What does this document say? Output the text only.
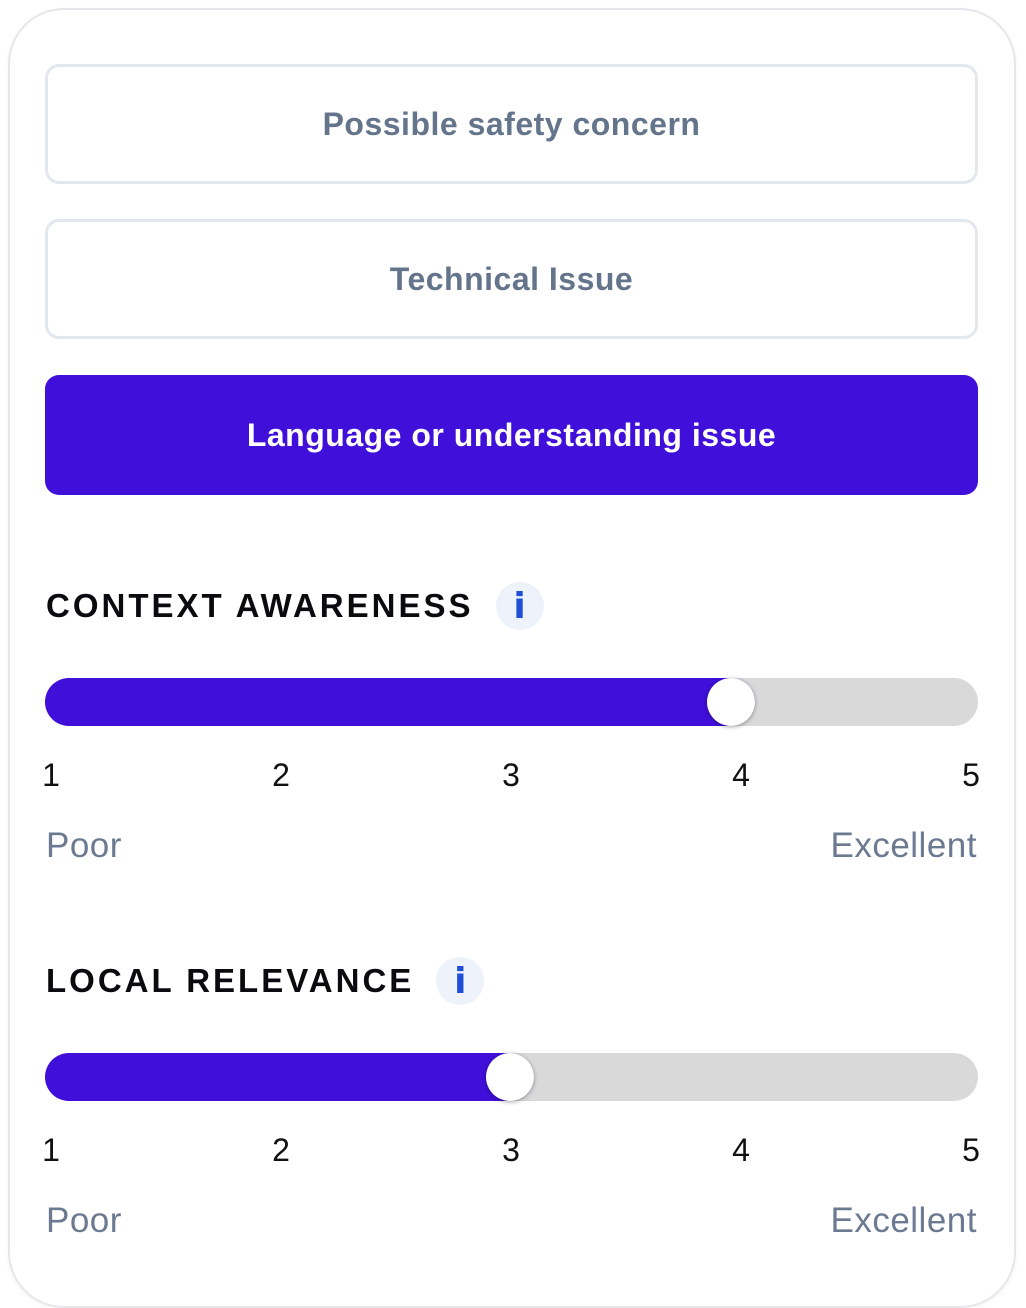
Possible safety concern
Technical Issue
Language or understanding issue
CONTEXT AWARENESS	i
1	2	3	4	5
Poor	Excellent
LOCAL RELEVANCE	i
1	2	3	4	5
Poor	Excellent
